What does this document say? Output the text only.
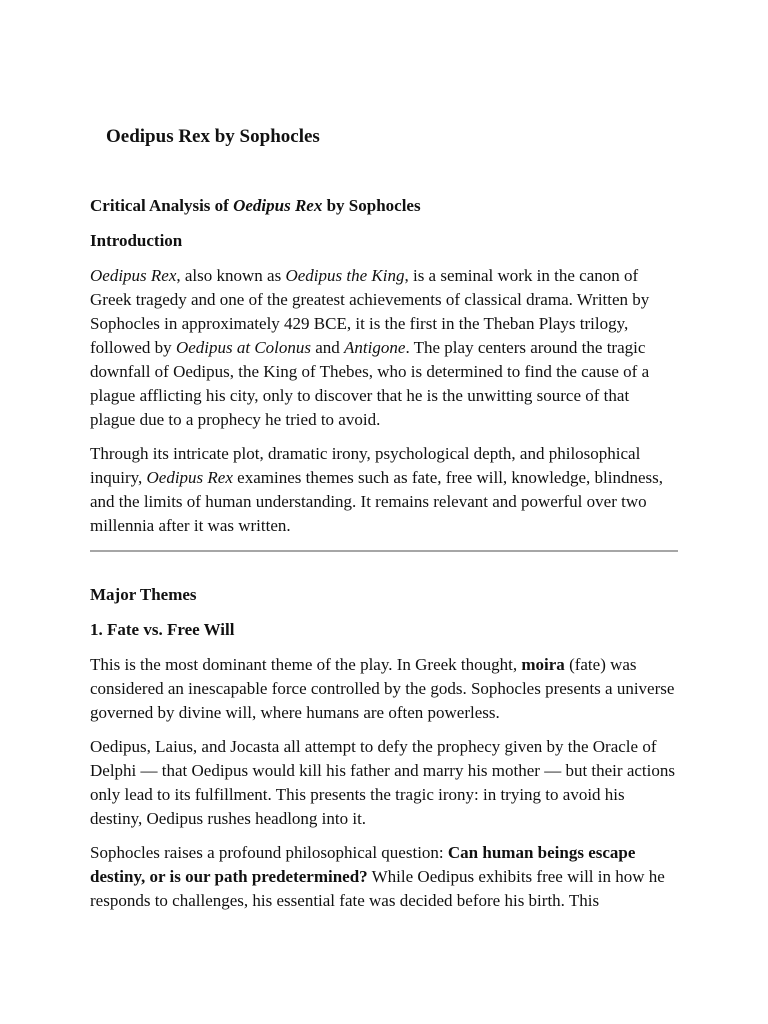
Oedipus Rex by Sophocles
Critical Analysis of Oedipus Rex by Sophocles
Introduction

Oedipus Rex, also known as Oedipus the King, is a seminal work in the canon of Greek tragedy and one of the greatest achievements of classical drama. Written by Sophocles in approximately 429 BCE, it is the first in the Theban Plays trilogy, followed by Oedipus at Colonus and Antigone. The play centers around the tragic downfall of Oedipus, the King of Thebes, who is determined to find the cause of a plague afflicting his city, only to discover that he is the unwitting source of that plague due to a prophecy he tried to avoid.

Through its intricate plot, dramatic irony, psychological depth, and philosophical inquiry, Oedipus Rex examines themes such as fate, free will, knowledge, blindness, and the limits of human understanding. It remains relevant and powerful over two millennia after it was written.

Major Themes
1. Fate vs. Free Will

This is the most dominant theme of the play. In Greek thought, moira (fate) was considered an inescapable force controlled by the gods. Sophocles presents a universe governed by divine will, where humans are often powerless.

Oedipus, Laius, and Jocasta all attempt to defy the prophecy given by the Oracle of Delphi — that Oedipus would kill his father and marry his mother — but their actions only lead to its fulfillment. This presents the tragic irony: in trying to avoid his destiny, Oedipus rushes headlong into it.

Sophocles raises a profound philosophical question: Can human beings escape destiny, or is our path predetermined? While Oedipus exhibits free will in how he responds to challenges, his essential fate was decided before his birth. This
